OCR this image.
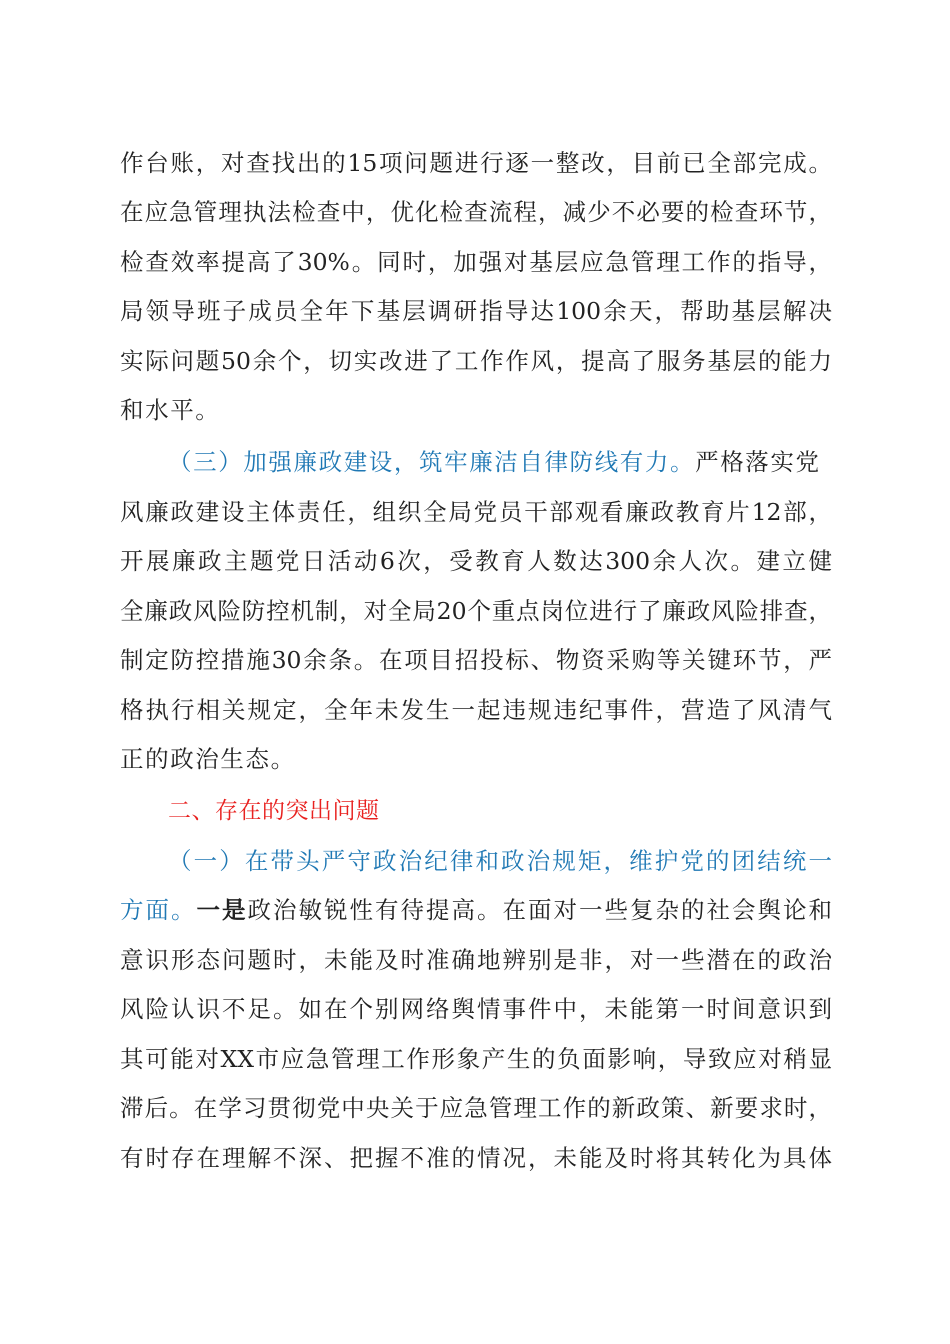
作台账，对查找出的15项问题进行逐一整改，目前已全部完成。
在应急管理执法检查中，优化检查流程，减少不必要的检查环节，
检查效率提高了30%。同时，加强对基层应急管理工作的指导，
局领导班子成员全年下基层调研指导达100余天，帮助基层解决
实际问题50余个，切实改进了工作作风，提高了服务基层的能力
和水平。
（三）加强廉政建设，筑牢廉洁自律防线有力。严格落实党
风廉政建设主体责任，组织全局党员干部观看廉政教育片12部，
开展廉政主题党日活动6次，受教育人数达300余人次。建立健
全廉政风险防控机制，对全局20个重点岗位进行了廉政风险排查，
制定防控措施30余条。在项目招投标、物资采购等关键环节，严
格执行相关规定，全年未发生一起违规违纪事件，营造了风清气
正的政治生态。
二、存在的突出问题
（一）在带头严守政治纪律和政治规矩，维护党的团结统一
方面。一是政治敏锐性有待提高。在面对一些复杂的社会舆论和
意识形态问题时，未能及时准确地辨别是非，对一些潜在的政治
风险认识不足。如在个别网络舆情事件中，未能第一时间意识到
其可能对XX市应急管理工作形象产生的负面影响，导致应对稍显
滞后。在学习贯彻党中央关于应急管理工作的新政策、新要求时，
有时存在理解不深、把握不准的情况，未能及时将其转化为具体
